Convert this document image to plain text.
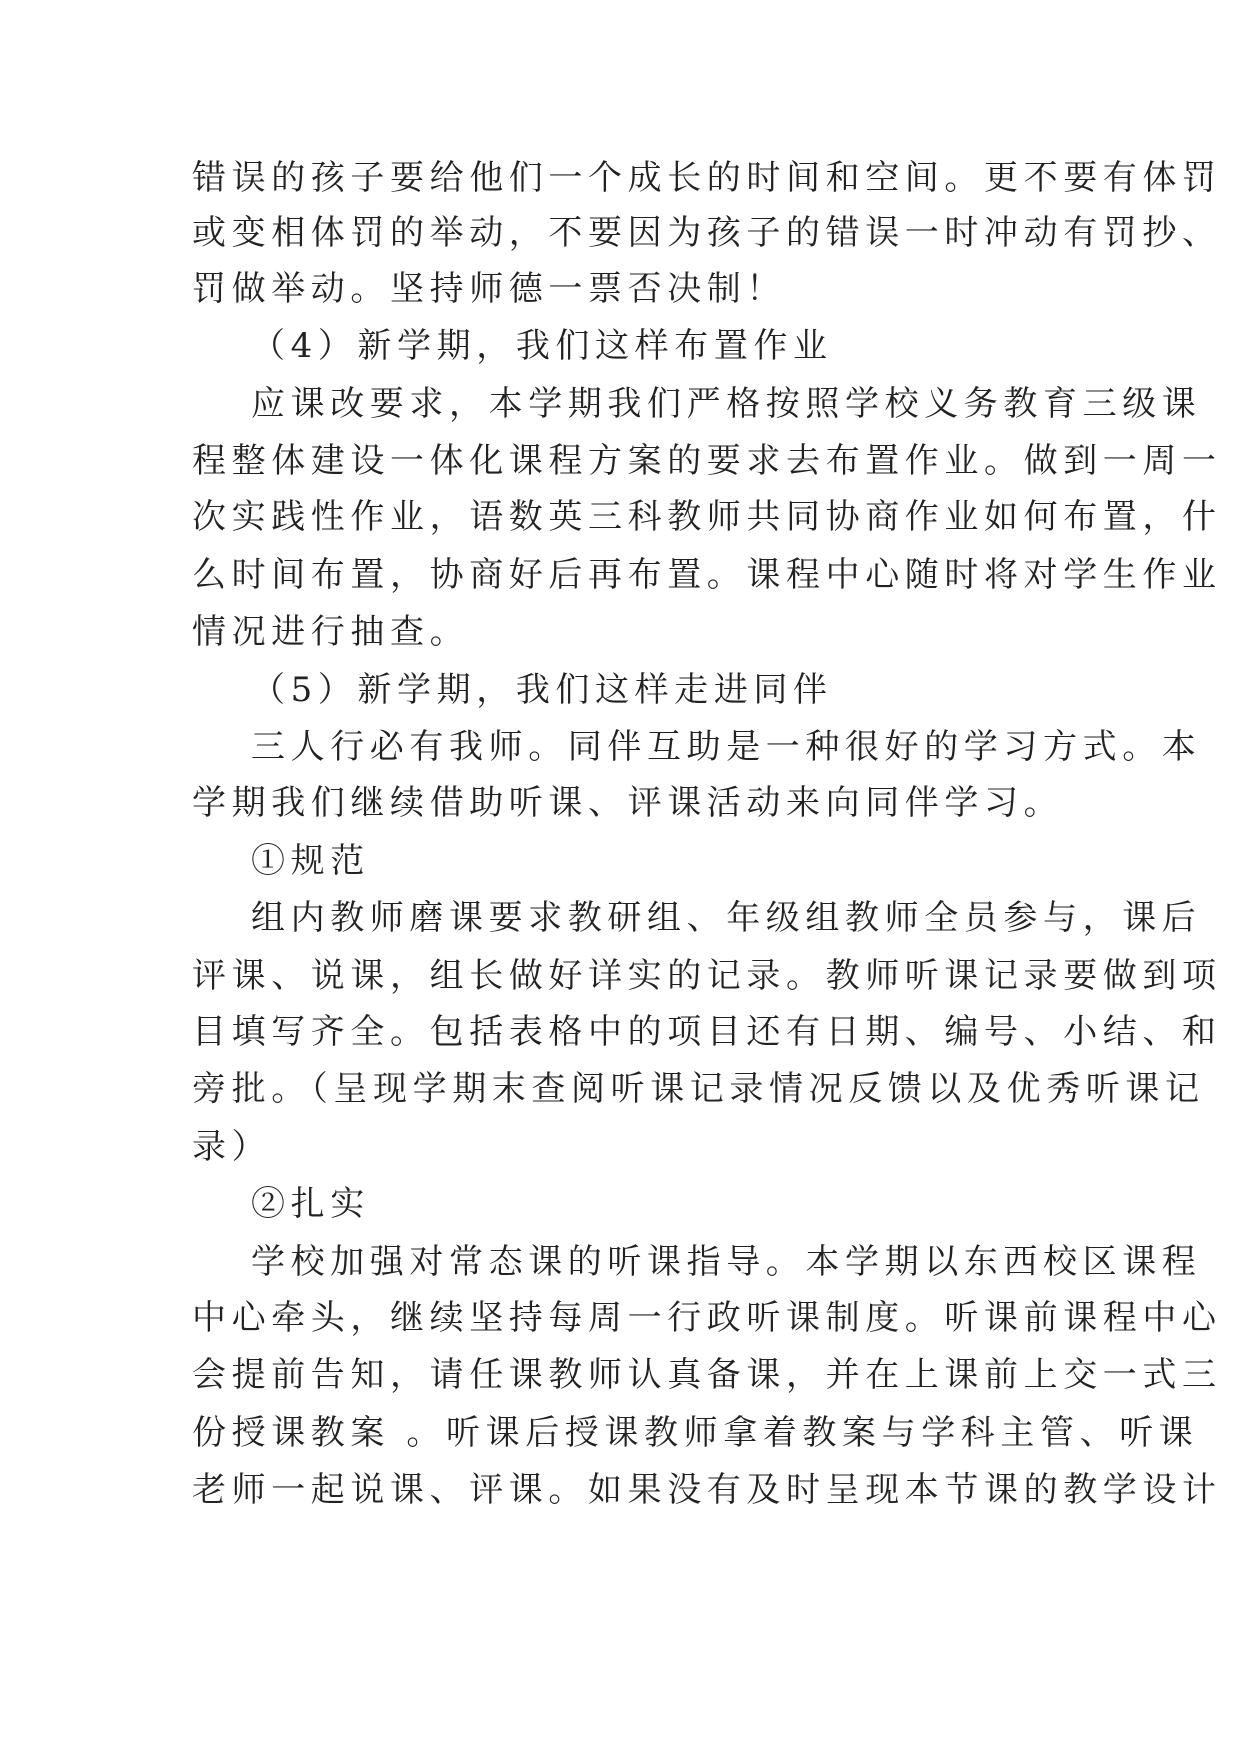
错误的孩子要给他们一个成长的时间和空间。更不要有体罚
或变相体罚的举动，不要因为孩子的错误一时冲动有罚抄、
罚做举动。坚持师德一票否决制！
（4）新学期，我们这样布置作业
应课改要求，本学期我们严格按照学校义务教育三级课
程整体建设一体化课程方案的要求去布置作业。做到一周一
次实践性作业，语数英三科教师共同协商作业如何布置，什
么时间布置，协商好后再布置。课程中心随时将对学生作业
情况进行抽查。
（5）新学期，我们这样走进同伴
三人行必有我师。同伴互助是一种很好的学习方式。本
学期我们继续借助听课、评课活动来向同伴学习。
①规范
组内教师磨课要求教研组、年级组教师全员参与，课后
评课、说课，组长做好详实的记录。教师听课记录要做到项
目填写齐全。包括表格中的项目还有日期、编号、小结、和
旁批。（呈现学期末查阅听课记录情况反馈以及优秀听课记
录）
②扎实
学校加强对常态课的听课指导。本学期以东西校区课程
中心牵头，继续坚持每周一行政听课制度。听课前课程中心
会提前告知，请任课教师认真备课，并在上课前上交一式三
份授课教案 。听课后授课教师拿着教案与学科主管、听课
老师一起说课、评课。如果没有及时呈现本节课的教学设计
